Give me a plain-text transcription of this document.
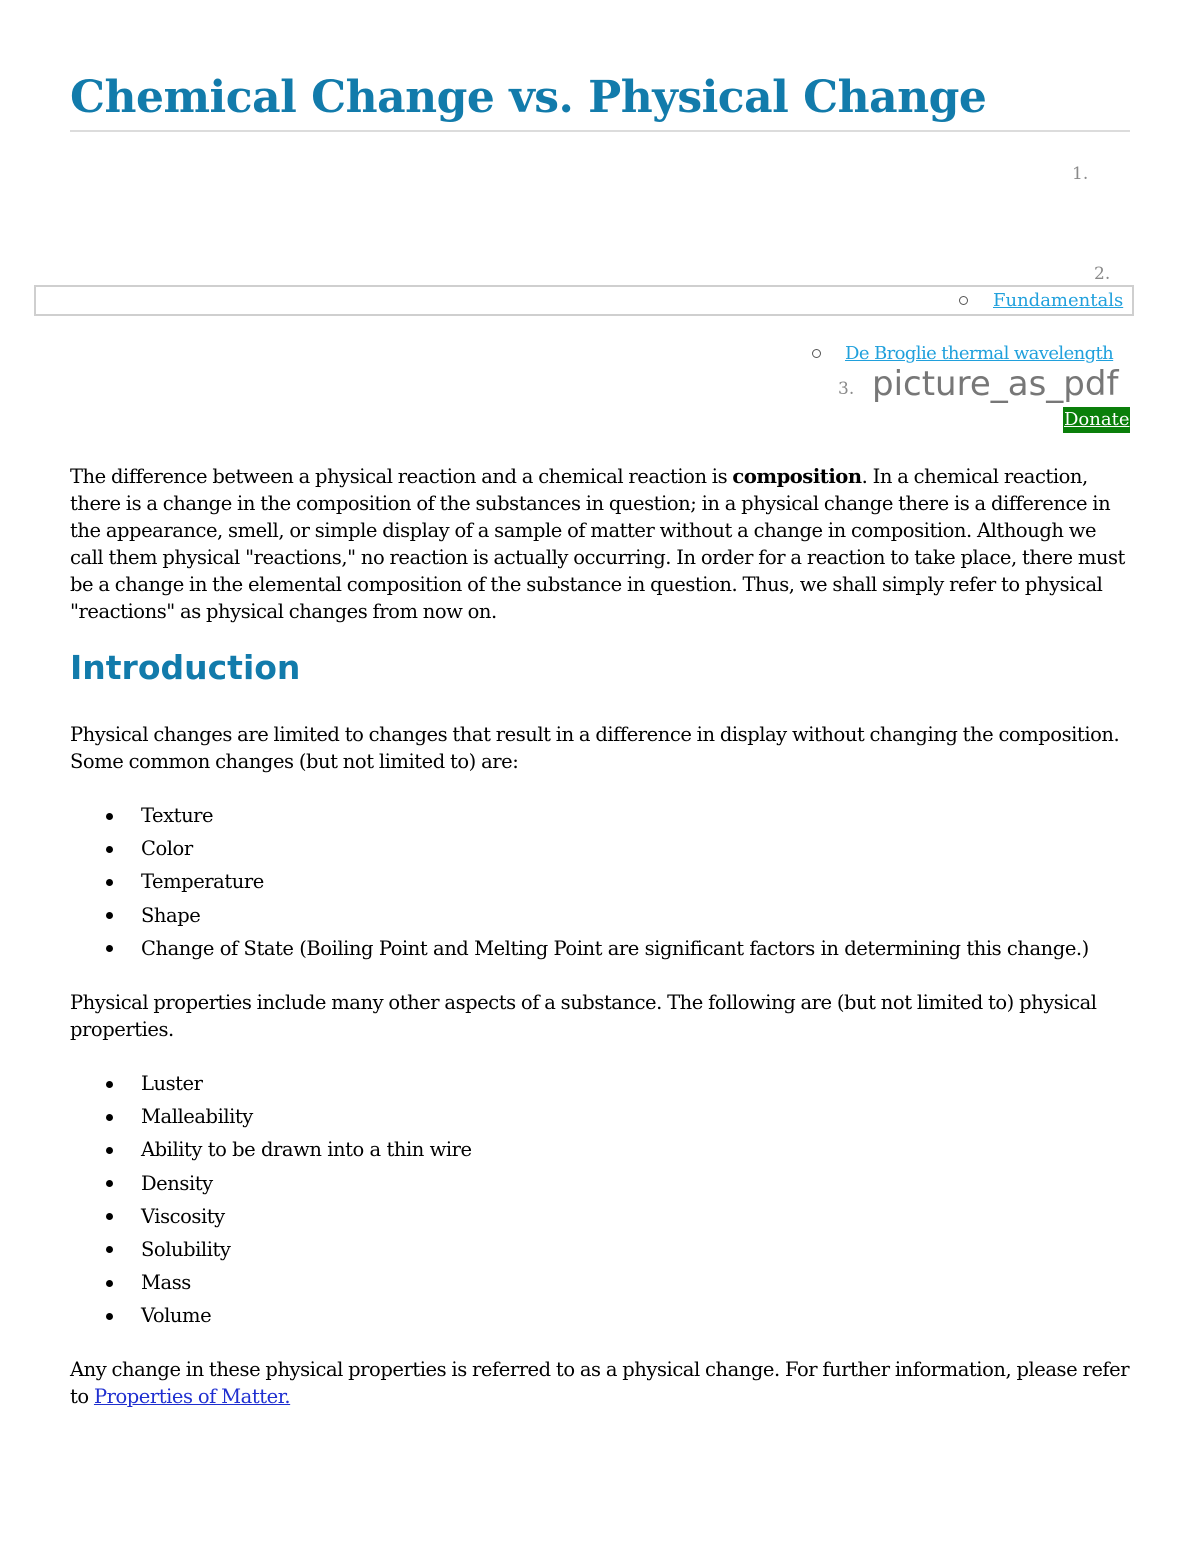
Chemical Change vs. Physical Change
1.
2.
Fundamentals
De Broglie thermal wavelength
3. picture_as_pdf
Donate

The difference between a physical reaction and a chemical reaction is composition. In a chemical reaction, there is a change in the composition of the substances in question; in a physical change there is a difference in the appearance, smell, or simple display of a sample of matter without a change in composition. Although we call them physical "reactions," no reaction is actually occurring. In order for a reaction to take place, there must be a change in the elemental composition of the substance in question. Thus, we shall simply refer to physical "reactions" as physical changes from now on.

Introduction

Physical changes are limited to changes that result in a difference in display without changing the composition. Some common changes (but not limited to) are:

Texture
Color
Temperature
Shape
Change of State (Boiling Point and Melting Point are significant factors in determining this change.)

Physical properties include many other aspects of a substance. The following are (but not limited to) physical properties.

Luster
Malleability
Ability to be drawn into a thin wire
Density
Viscosity
Solubility
Mass
Volume

Any change in these physical properties is referred to as a physical change. For further information, please refer to Properties of Matter.
